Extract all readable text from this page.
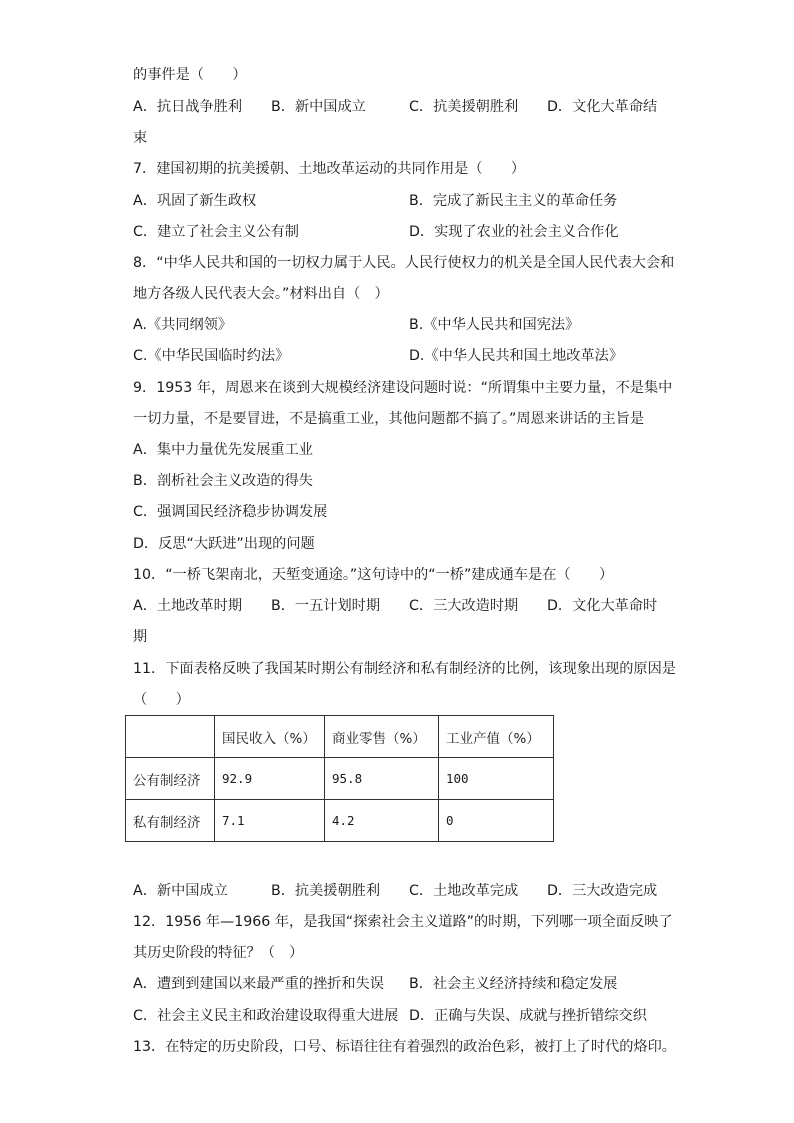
的事件是（　　）
A．抗日战争胜利 B．新中国成立	C．抗美援朝胜利 D．文化大革命结
束
7．建国初期的抗美援朝、土地改革运动的共同作用是（　　）
A．巩固了新生政权	B．完成了新民主主义的革命任务
C．建立了社会主义公有制	D．实现了农业的社会主义合作化
8．“中华人民共和国的一切权力属于人民。人民行使权力的机关是全国人民代表大会和
地方各级人民代表大会。”材料出自（　）
A.《共同纲领》	B.《中华人民共和国宪法》
C.《中华民国临时约法》	D.《中华人民共和国土地改革法》
9．1953 年，周恩来在谈到大规模经济建设问题时说：“所谓集中主要力量，不是集中
一切力量，不是要冒进，不是搞重工业，其他问题都不搞了。”周恩来讲话的主旨是
A．集中力量优先发展重工业
B．剖析社会主义改造的得失
C．强调国民经济稳步协调发展
D．反思“大跃进”出现的问题
10．“一桥飞架南北，天堑变通途。”这句诗中的“一桥”建成通车是在（　　）
A．土地改革时期 B．一五计划时期 C．三大改造时期 D．文化大革命时
期
11．下面表格反映了我国某时期公有制经济和私有制经济的比例，该现象出现的原因是
（　　）
	国民收入（%）	商业零售（%）	工业产值（%）
公有制经济	92.9	95.8	100
私有制经济	7.1	4.2	0
A．新中国成立	B．抗美援朝胜利 C．土地改革完成 D．三大改造完成
12．1956 年—1966 年，是我国“探索社会主义道路”的时期，下列哪一项全面反映了
其历史阶段的特征？（　）
A．遭到到建国以来最严重的挫折和失误 B．社会主义经济持续和稳定发展
C．社会主义民主和政治建设取得重大进展 D．正确与失误、成就与挫折错综交织
13．在特定的历史阶段，口号、标语往往有着强烈的政治色彩，被打上了时代的烙印。
